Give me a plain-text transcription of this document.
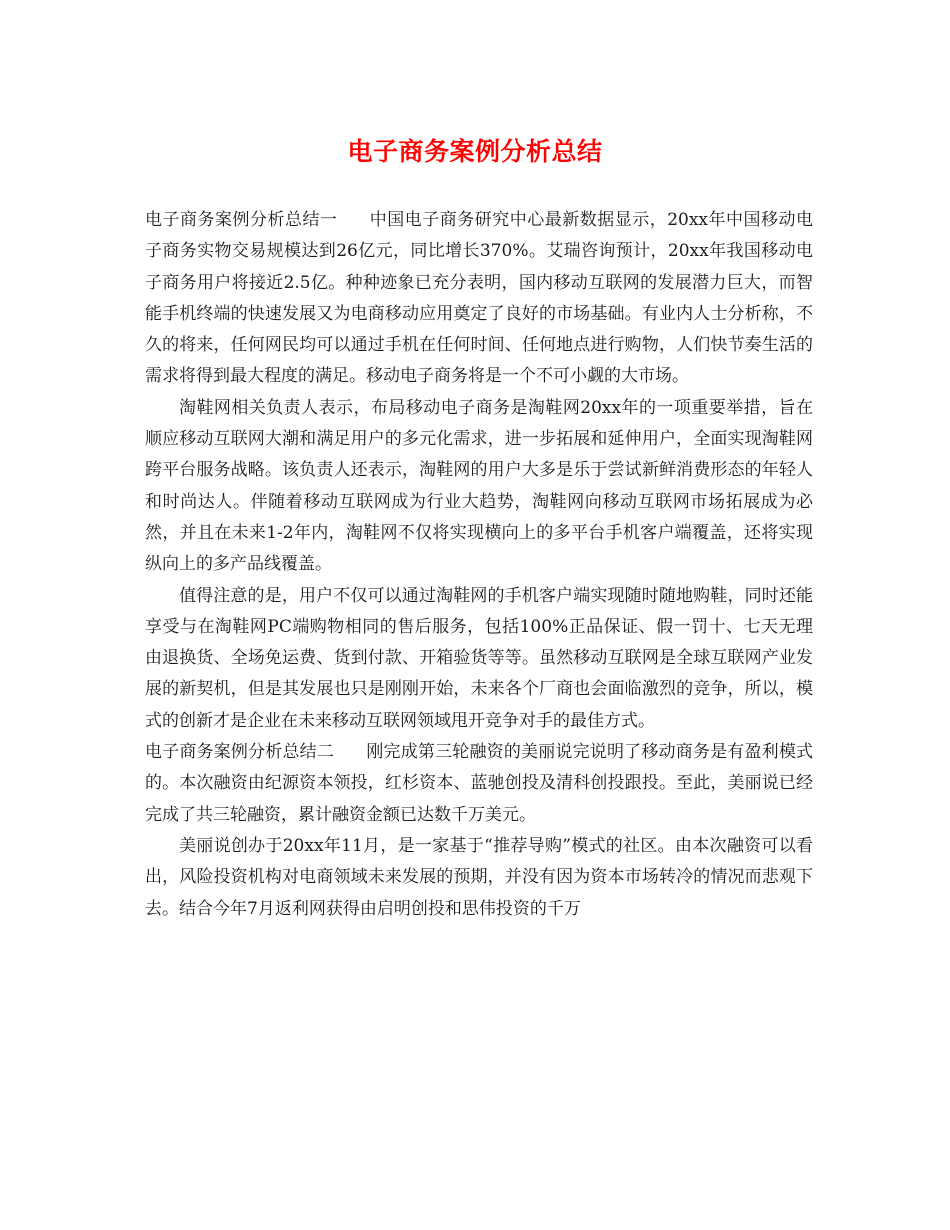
电子商务案例分析总结

电子商务案例分析总结一 中国电子商务研究中心最新数据显示，20xx年中国移动电子商务实物交易规模达到26亿元，同比增长370%。艾瑞咨询预计，20xx年我国移动电子商务用户将接近2.5亿。种种迹象已充分表明，国内移动互联网的发展潜力巨大，而智能手机终端的快速发展又为电商移动应用奠定了良好的市场基础。有业内人士分析称，不久的将来，任何网民均可以通过手机在任何时间、任何地点进行购物，人们快节奏生活的需求将得到最大程度的满足。移动电子商务将是一个不可小觑的大市场。

淘鞋网相关负责人表示，布局移动电子商务是淘鞋网20xx年的一项重要举措，旨在顺应移动互联网大潮和满足用户的多元化需求，进一步拓展和延伸用户，全面实现淘鞋网跨平台服务战略。该负责人还表示，淘鞋网的用户大多是乐于尝试新鲜消费形态的年轻人和时尚达人。伴随着移动互联网成为行业大趋势，淘鞋网向移动互联网市场拓展成为必然，并且在未来1-2年内，淘鞋网不仅将实现横向上的多平台手机客户端覆盖，还将实现纵向上的多产品线覆盖。

值得注意的是，用户不仅可以通过淘鞋网的手机客户端实现随时随地购鞋，同时还能享受与在淘鞋网PC端购物相同的售后服务，包括100%正品保证、假一罚十、七天无理由退换货、全场免运费、货到付款、开箱验货等等。虽然移动互联网是全球互联网产业发展的新契机，但是其发展也只是刚刚开始，未来各个厂商也会面临激烈的竞争，所以，模式的创新才是企业在未来移动互联网领域甩开竞争对手的最佳方式。

电子商务案例分析总结二 刚完成第三轮融资的美丽说完说明了移动商务是有盈利模式的。本次融资由纪源资本领投，红杉资本、蓝驰创投及清科创投跟投。至此，美丽说已经完成了共三轮融资，累计融资金额已达数千万美元。

美丽说创办于20xx年11月，是一家基于“推荐导购”模式的社区。由本次融资可以看出，风险投资机构对电商领域未来发展的预期，并没有因为资本市场转冷的情况而悲观下去。结合今年7月返利网获得由启明创投和思伟投资的千万
